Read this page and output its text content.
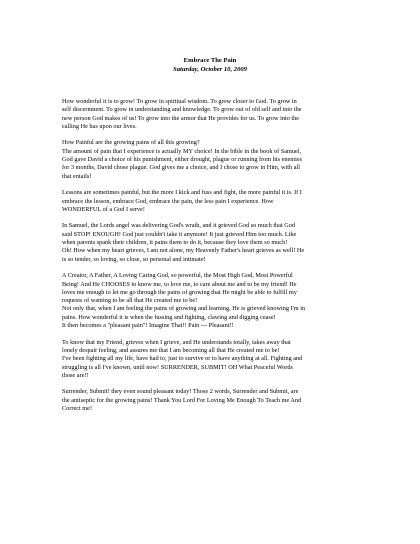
Embrace The Pain

Saturday, October 10, 2009

How wonderful it is to grow! To grow in spiritual wisdom. To grow closer to God. To grow in
self discernment. To grow in understanding and knowledge. To grow out of old self and into the
new person God makes of us! To grow into the armor that He provides for us. To grow into the
calling He has upon our lives.

How Painful are the growing pains of all this growing?
The amount of pain that I experience is actually MY choice! In the bible in the book of Samuel,
God gave David a choice of his punishment, either drought, plague or running from his enemies
for 3 months, David chose plague. God gives me a choice, and I chose to grow in Him, with all
that entails!

Lessons are sometimes painful, but the more I kick and fuss and fight, the more painful it is. If I
embrace the lesson, embrace God, embrace the pain, the less pain I experience. How
WONDERFUL of a God I serve!

In Samuel, the Lords angel was delivering God's wrath, and it grieved God so much that God
said STOP! ENOUGH! God just couldn't take it anymore! It just grieved Him too much. Like
when parents spank their children, it pains them to do it, because they love them so much!
Oh! How when my heart grieves, I am not alone, my Heavenly Father's heart grieves as well! He
is so tender, so loving, so close, so personal and intimate!

A Creator, A Father, A Loving Caring God, so powerful, the Most High God, Most Powerful
Being! And He CHOOSES to know me, to love me, to care about me and to be my friend! He
loves me enough to let me go through the pains of growing that He might be able to fulfill my
requests of wanting to be all that He created me to be!
Not only that, when I am feeling the pains of growing and learning, He is grieved knowing I'm in
pains. How wonderful it is when the fussing and fighting, clawing and digging cease!
It then becomes a "pleasant pain"! Imagine That!! Pain --- Pleasant!!

To know that my Friend, grieves when I grieve, and He understands totally, takes away that
lonely despair feeling, and assures me that I am becoming all that He created me to be!
I've been fighting all my life, have had to, just to survive or to have anything at all. Fighting and
struggling is all I've known, until now! SURRENDER, SUBMIT! OH What Peaceful Words
those are!!

Surrender, Submit! they even sound pleasant today! Those 2 words, Surrender and Submit, are
the antiseptic for the growing pains! Thank You Lord For Loving Me Enough To Teach me And
Correct me!
